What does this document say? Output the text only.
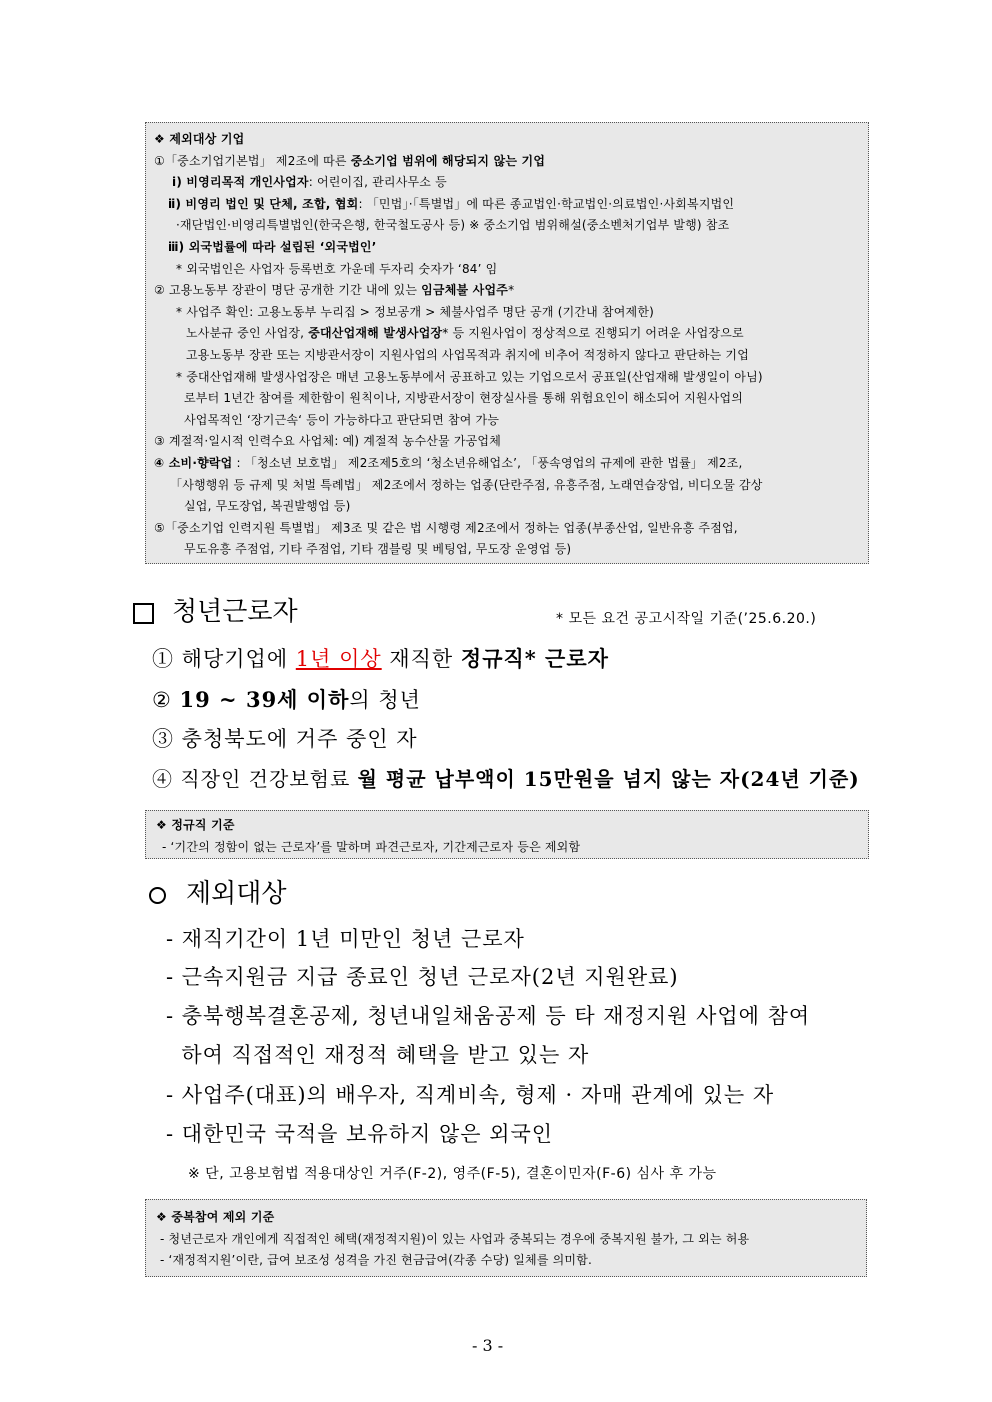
❖ 제외대상 기업
①「중소기업기본법」 제2조에 따른 중소기업 범위에 해당되지 않는 기업
ⅰ) 비영리목적 개인사업자: 어린이집, 관리사무소 등
ⅱ) 비영리 법인 및 단체, 조합, 협회: 「민법」·「특별법」에 따른 종교법인·학교법인·의료법인·사회복지법인
·재단법인·비영리특별법인(한국은행, 한국철도공사 등) ※ 중소기업 범위해설(중소벤처기업부 발행) 참조
ⅲ) 외국법률에 따라 설립된 ‘외국법인’
* 외국법인은 사업자 등록번호 가운데 두자리 숫자가 ‘84’ 임
② 고용노동부 장관이 명단 공개한 기간 내에 있는 임금체불 사업주*
* 사업주 확인: 고용노동부 누리집 > 정보공개 > 체불사업주 명단 공개 (기간내 참여제한)
노사분규 중인 사업장, 중대산업재해 발생사업장* 등 지원사업이 정상적으로 진행되기 어려운 사업장으로
고용노동부 장관 또는 지방관서장이 지원사업의 사업목적과 취지에 비추어 적정하지 않다고 판단하는 기업
* 중대산업재해 발생사업장은 매년 고용노동부에서 공표하고 있는 기업으로서 공표일(산업재해 발생일이 아님)
로부터 1년간 참여를 제한함이 원칙이나, 지방관서장이 현장실사를 통해 위험요인이 해소되어 지원사업의
사업목적인 ‘장기근속‘ 등이 가능하다고 판단되면 참여 가능
③ 계절적·일시적 인력수요 사업체: 예) 계절적 농수산물 가공업체
④ 소비·향락업 : 「청소년 보호법」 제2조제5호의 ‘청소년유해업소’, 「풍속영업의 규제에 관한 법률」 제2조,
「사행행위 등 규제 및 처벌 특례법」 제2조에서 정하는 업종(단란주점, 유흥주점, 노래연습장업, 비디오물 감상
실업, 무도장업, 복권발행업 등)
⑤「중소기업 인력지원 특별법」 제3조 및 같은 법 시행령 제2조에서 정하는 업종(부종산업, 일반유흥 주점업,
무도유흥 주점업, 기타 주점업, 기타 갬블링 및 베팅업, 무도장 운영업 등)
청년근로자	* 모든 요건 공고시작일 기준(’25.6.20.)
① 해당기업에 1년 이상 재직한 정규직* 근로자
② 19 ~ 39세 이하의 청년
③ 충청북도에 거주 중인 자
④ 직장인 건강보험료 월 평균 납부액이 15만원을 넘지 않는 자(24년 기준)
❖ 정규직 기준
- ‘기간의 정함이 없는 근로자’를 말하며 파견근로자, 기간제근로자 등은 제외함
제외대상
- 재직기간이 1년 미만인 청년 근로자
- 근속지원금 지급 종료인 청년 근로자(2년 지원완료)
- 충북행복결혼공제, 청년내일채움공제 등 타 재정지원 사업에 참여
하여 직접적인 재정적 혜택을 받고 있는 자
- 사업주(대표)의 배우자, 직계비속, 형제 · 자매 관계에 있는 자
- 대한민국 국적을 보유하지 않은 외국인
※ 단, 고용보험법 적용대상인 거주(F-2), 영주(F-5), 결혼이민자(F-6) 심사 후 가능
❖ 중복참여 제외 기준
- 청년근로자 개인에게 직접적인 혜택(재정적지원)이 있는 사업과 중복되는 경우에 중복지원 불가, 그 외는 허용
- ‘재정적지원’이란, 급여 보조성 성격을 가진 현금급여(각종 수당) 일체를 의미함.
- 3 -
